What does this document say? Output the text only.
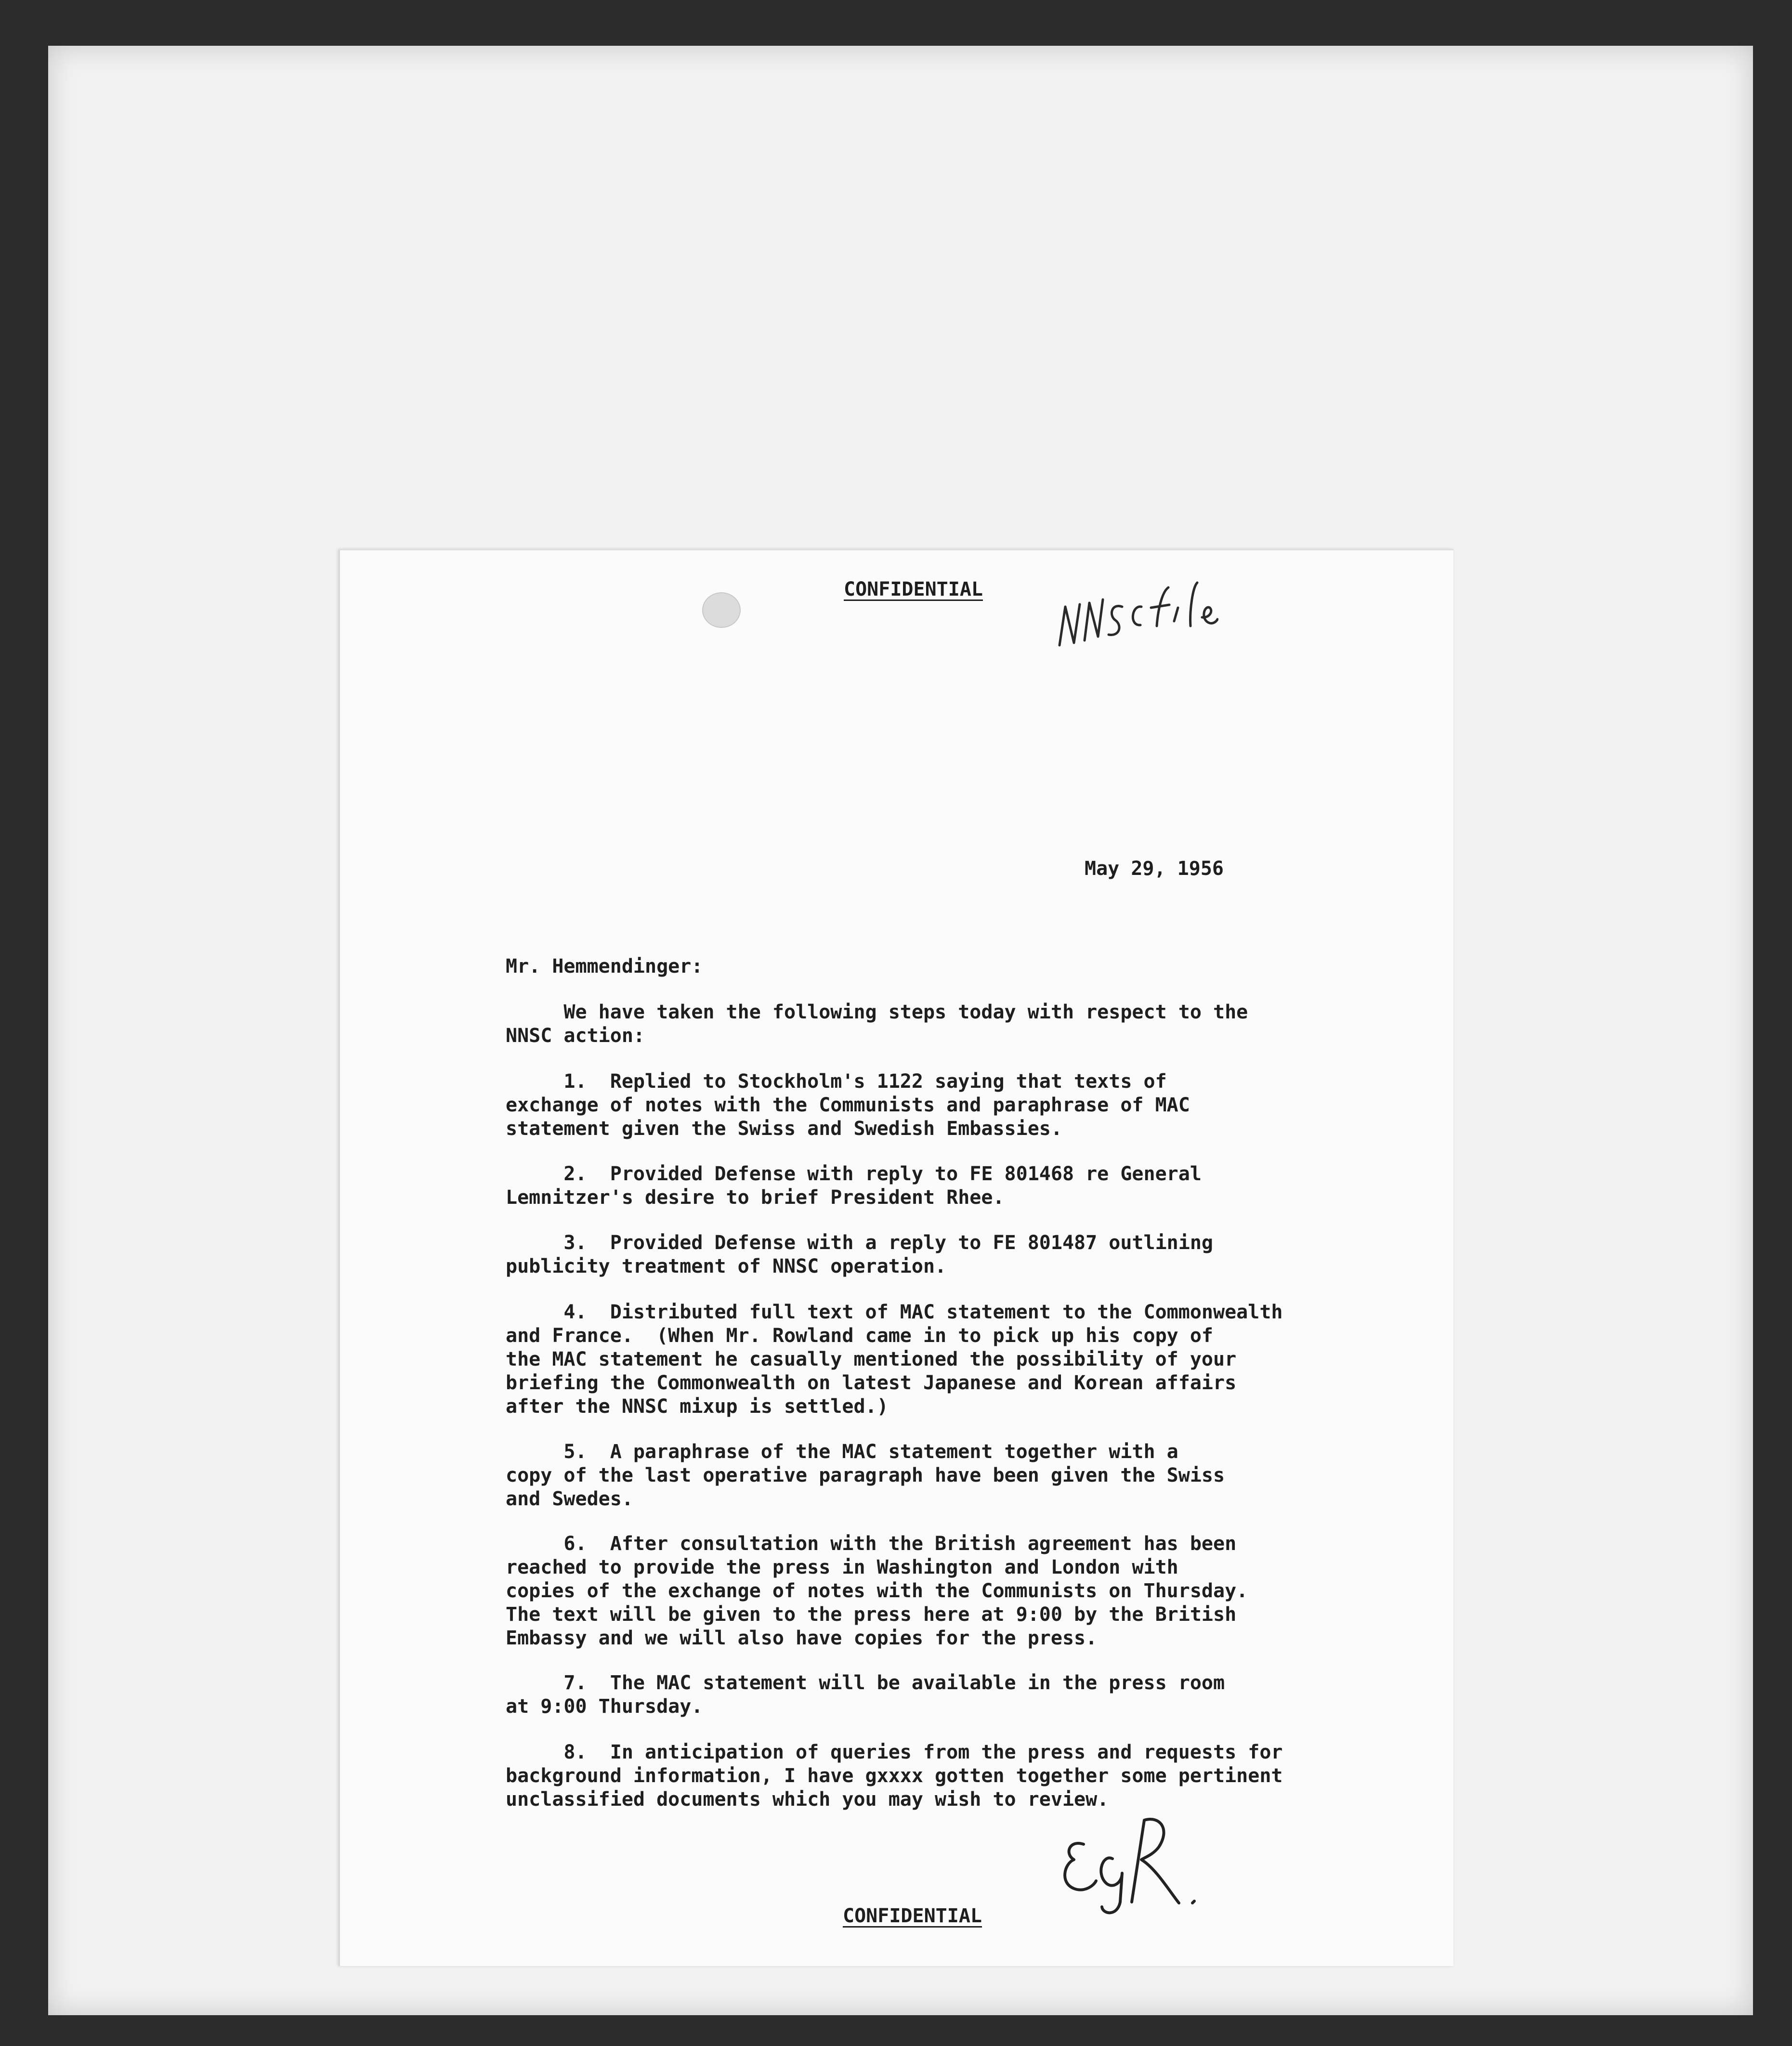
CONFIDENTIAL

May 29, 1956

Mr. Hemmendinger:

We have taken the following steps today with respect to the
NNSC action:

1.  Replied to Stockholm's 1122 saying that texts of
exchange of notes with the Communists and paraphrase of MAC
statement given the Swiss and Swedish Embassies.

2.  Provided Defense with reply to FE 801468 re General
Lemnitzer's desire to brief President Rhee.

3.  Provided Defense with a reply to FE 801487 outlining
publicity treatment of NNSC operation.

4.  Distributed full text of MAC statement to the Commonwealth
and France.  (When Mr. Rowland came in to pick up his copy of
the MAC statement he casually mentioned the possibility of your
briefing the Commonwealth on latest Japanese and Korean affairs
after the NNSC mixup is settled.)

5.  A paraphrase of the MAC statement together with a
copy of the last operative paragraph have been given the Swiss
and Swedes.

6.  After consultation with the British agreement has been
reached to provide the press in Washington and London with
copies of the exchange of notes with the Communists on Thursday.
The text will be given to the press here at 9:00 by the British
Embassy and we will also have copies for the press.

7.  The MAC statement will be available in the press room
at 9:00 Thursday.

8.  In anticipation of queries from the press and requests for
background information, I have gxxxx gotten together some pertinent
unclassified documents which you may wish to review.

CONFIDENTIAL
